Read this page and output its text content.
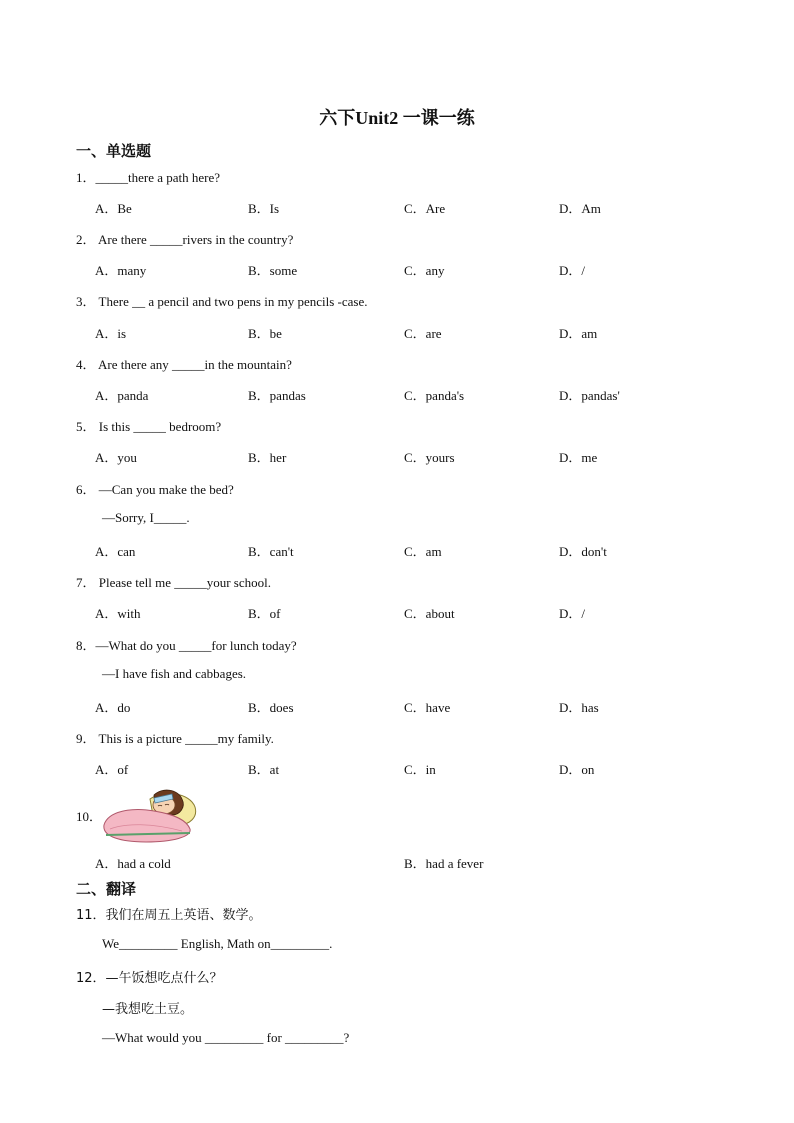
六下Unit2 一课一练
一、单选题
1．_____there a path here?
A．Be	B．Is	C．Are	D．Am
2． Are there _____rivers in the country?
A．many	B．some	C．any	D．/
3． There __ a pencil and two pens in my pencils -case.
A．is	B．be	C．are	D．am
4． Are there any _____in the mountain?
A．panda	B．pandas	C．panda's	D．pandas'
5． Is this _____ bedroom?
A．you	B．her	C．yours	D．me
6． —Can you make the bed?
—Sorry, I_____.
A．can	B．can't	C．am	D．don't
7． Please tell me _____your school.
A．with	B．of	C．about	D．/
8．—What do you _____for lunch today?
—I have fish and cabbages.
A．do	B．does	C．have	D．has
9． This is a picture _____my family.
A．of	B．at	C．in	D．on
10．
A．had a cold	B．had a fever
二、翻译
11．我们在周五上英语、数学。
We_________ English, Math on_________.
12．—午饭想吃点什么？
—我想吃土豆。
—What would you _________ for _________?
